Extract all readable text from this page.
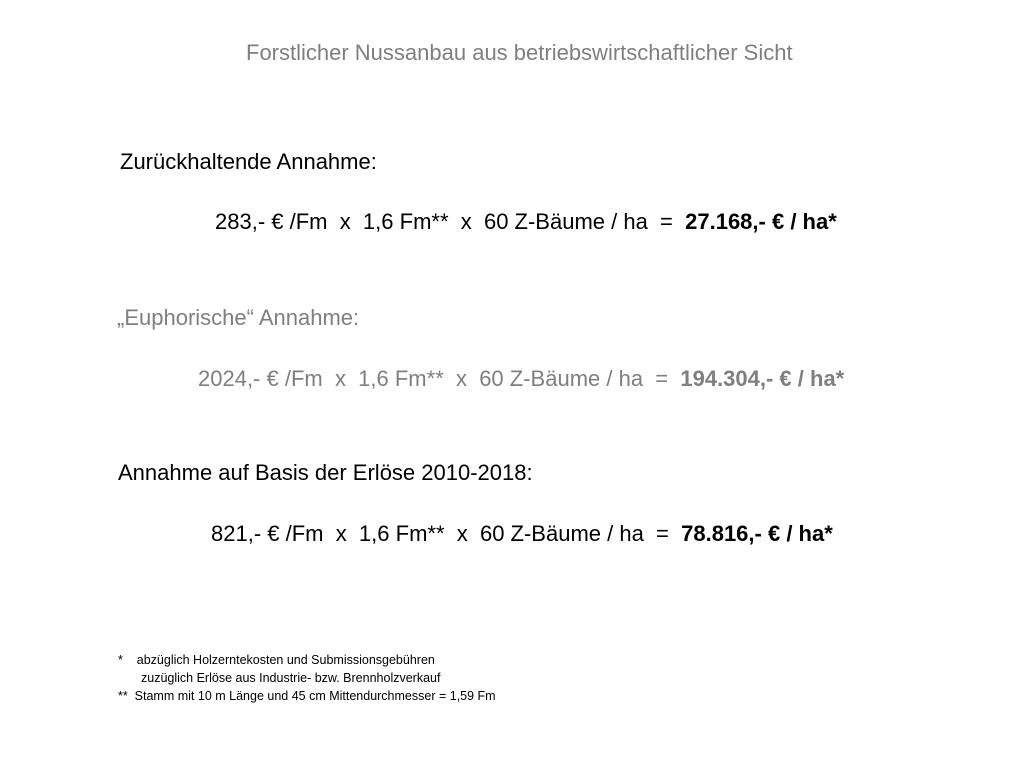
Forstlicher Nussanbau aus betriebswirtschaftlicher Sicht
Zurückhaltende Annahme:
283,- € /Fm  x  1,6 Fm**  x  60 Z-Bäume / ha  =  27.168,- € / ha*
„Euphorische“ Annahme:
2024,- € /Fm  x  1,6 Fm**  x  60 Z-Bäume / ha  =  194.304,- € / ha*
Annahme auf Basis der Erlöse 2010-2018:
821,- € /Fm  x  1,6 Fm**  x  60 Z-Bäume / ha  =  78.816,- € / ha*
*    abzüglich Holzerntekosten und Submissionsgebühren
zuzüglich Erlöse aus Industrie- bzw. Brennholzverkauf
**  Stamm mit 10 m Länge und 45 cm Mittendurchmesser = 1,59 Fm
